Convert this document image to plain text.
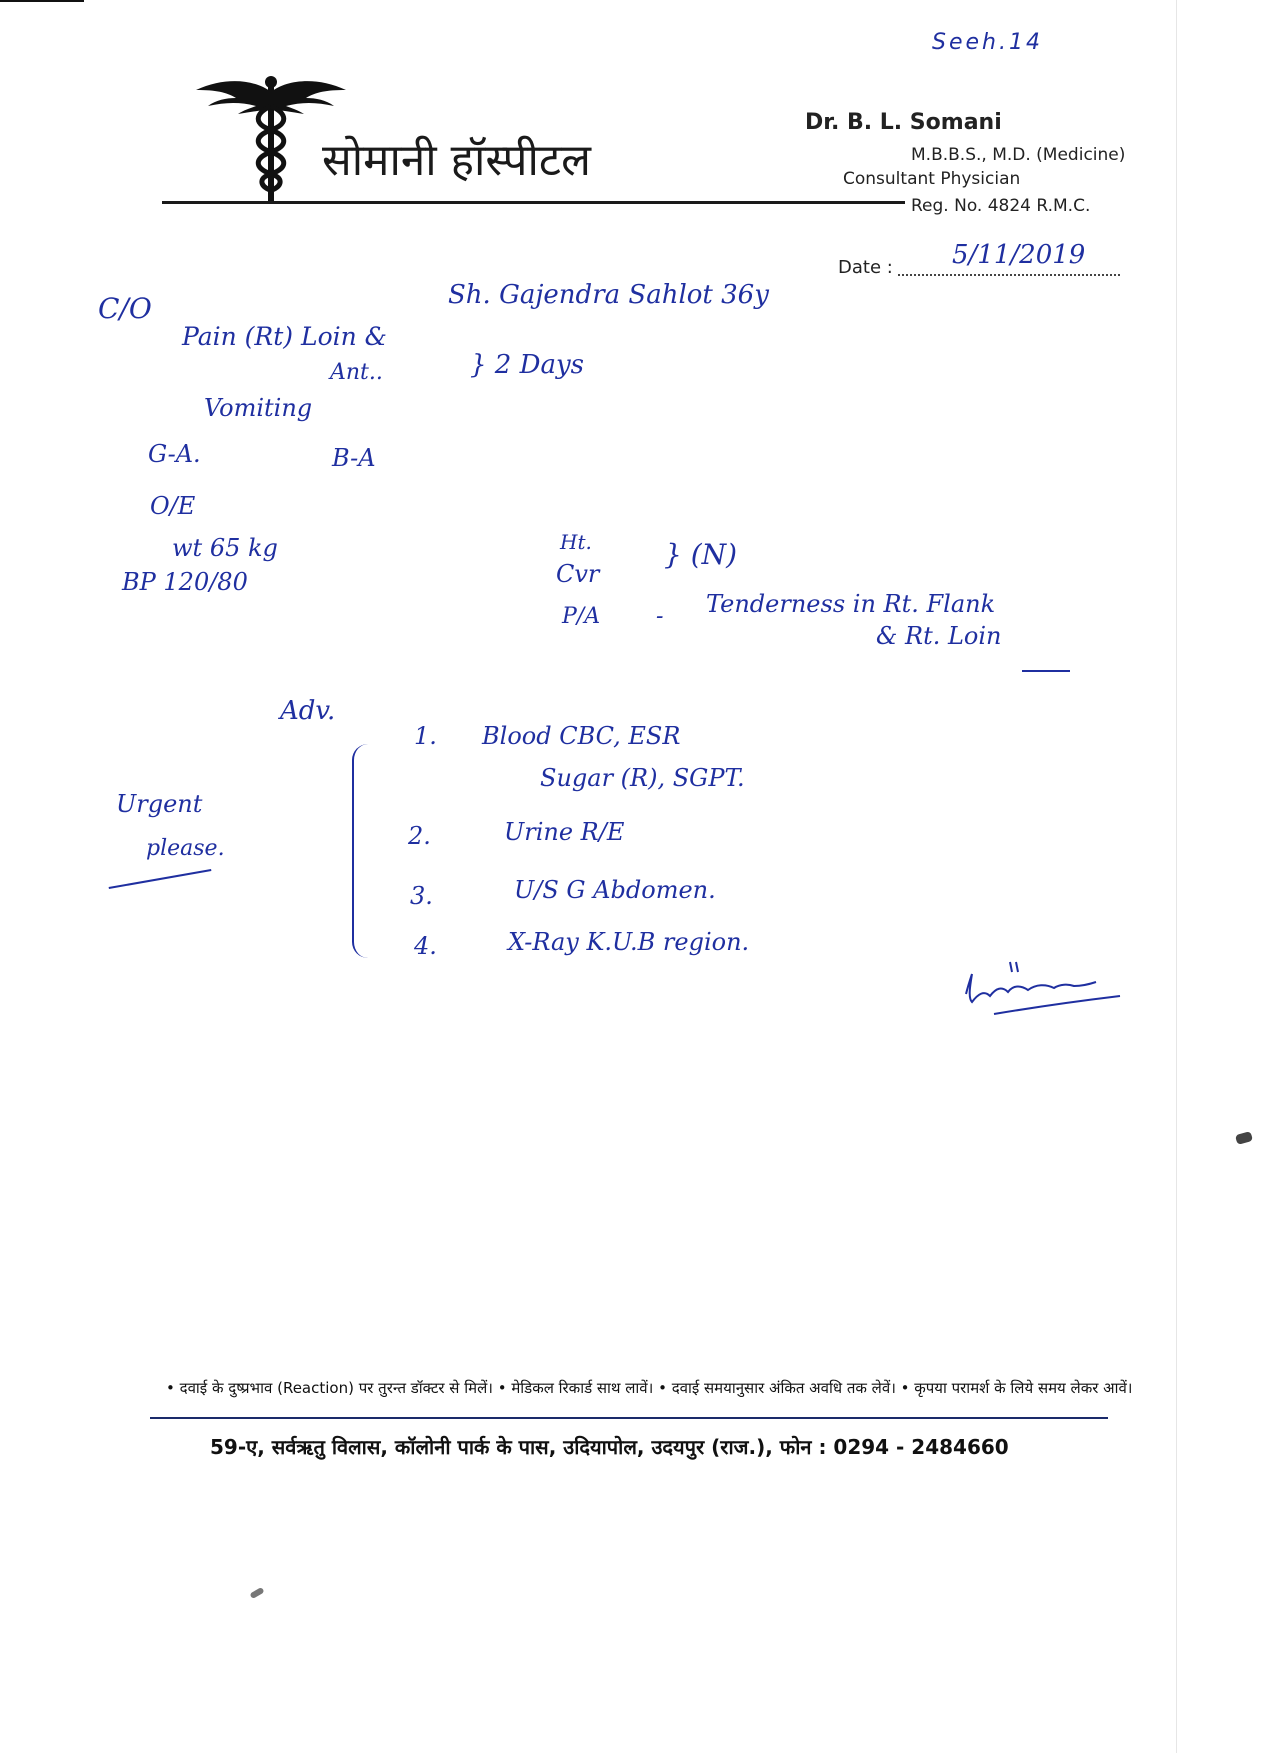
Seeh.14
सोमानी हॉस्पीटल
Dr. B. L. Somani
M.B.B.S., M.D. (Medicine)
Consultant Physician
Reg. No. 4824 R.M.C.
Date : 5/11/2019
Sh. Gajendra Sahlot 36y
C/O
Pain (Rt) Loin &
Ant..	} 2 Days
Vomiting
G-A.	B-A
O/E
wt 65 kg
BP 120/80
Ht.
Cvr
} (N)
P/A	- Tenderness in Rt. Flank
& Rt. Loin
Adv.
1. Blood CBC, ESR
Sugar (R), SGPT.
2.	Urine R/E
3.	U/S G Abdomen.
4.	X-Ray K.U.B region.
Urgent
please.
• दवाई के दुष्प्रभाव (Reaction) पर तुरन्त डॉक्टर से मिलें। • मेडिकल रिकार्ड साथ लावें। • दवाई समयानुसार अंकित अवधि तक लेवें। • कृपया परामर्श के लिये समय लेकर आवें।
59-ए, सर्वऋतु विलास, कॉलोनी पार्क के पास, उदियापोल, उदयपुर (राज.), फोन : 0294 - 2484660
